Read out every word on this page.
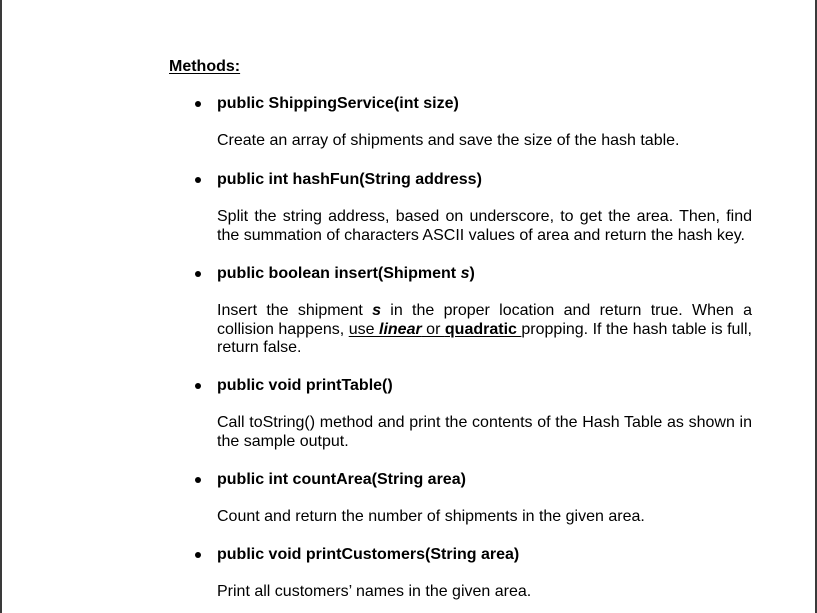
Methods:
public ShippingService(int size)
Create an array of shipments and save the size of the hash table.
public int hashFun(String address)
Split the string address, based on underscore, to get the area. Then, find the summation of characters ASCII values of area and return the hash key.
public boolean insert(Shipment s)
Insert the shipment s in the proper location and return true. When a collision happens, use linear or quadratic propping. If the hash table is full, return false.
public void printTable()
Call toString() method and print the contents of the Hash Table as shown in the sample output.
public int countArea(String area)
Count and return the number of shipments in the given area.
public void printCustomers(String area)
Print all customers’ names in the given area.
